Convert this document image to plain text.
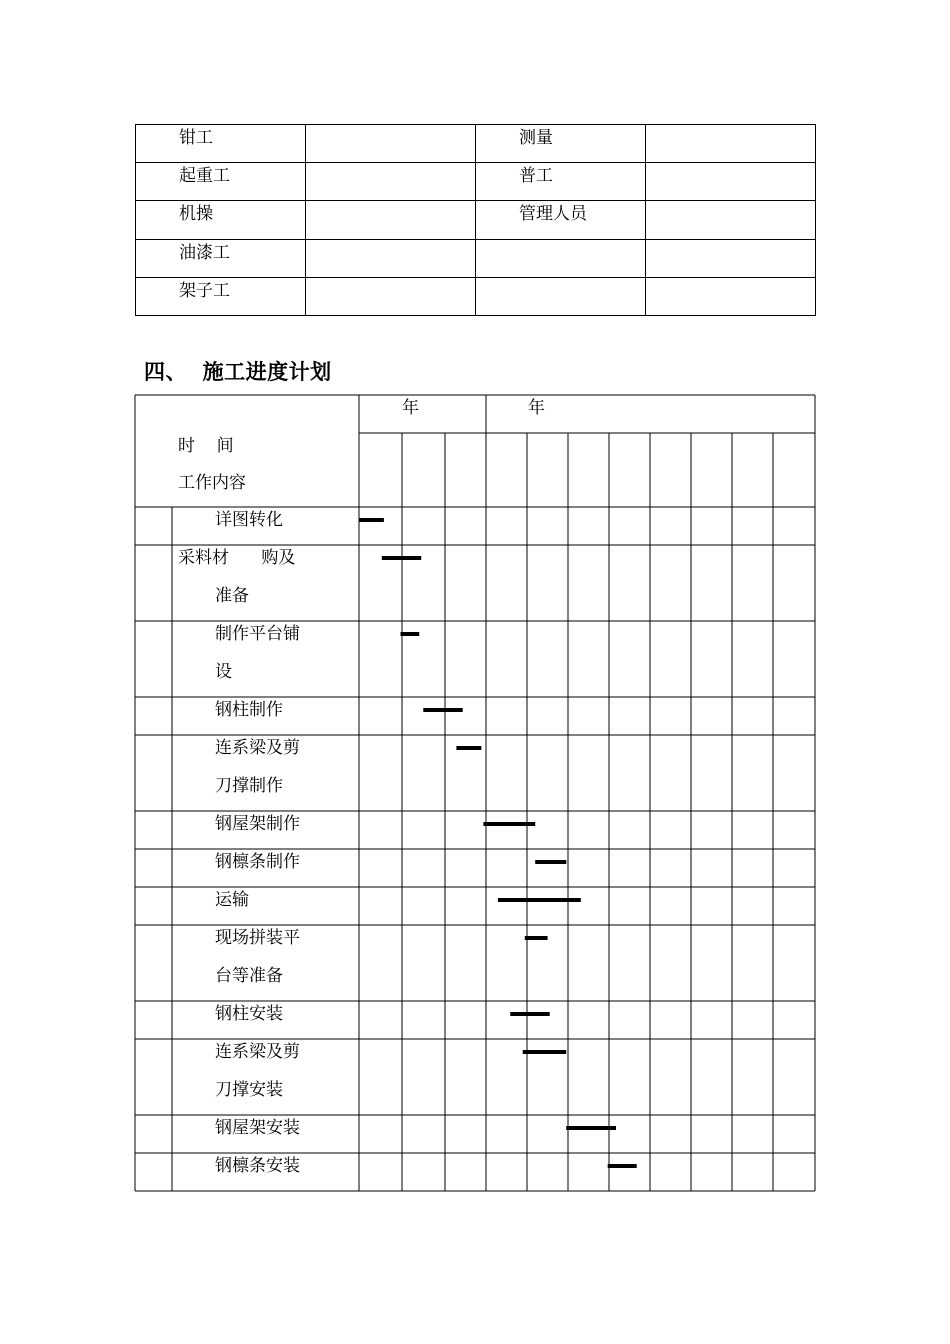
钳工		测量	
起重工		普工	
机操		管理人员	
油漆工			
架子工			
四、 施工进度计划
年	年
时    间
工作内容
详图转化
采料材      购及
准备
制作平台铺
设
钢柱制作
连系梁及剪
刀撑制作
钢屋架制作
钢檩条制作
运输
现场拼装平
台等准备
钢柱安装
连系梁及剪
刀撑安装
钢屋架安装
钢檩条安装
